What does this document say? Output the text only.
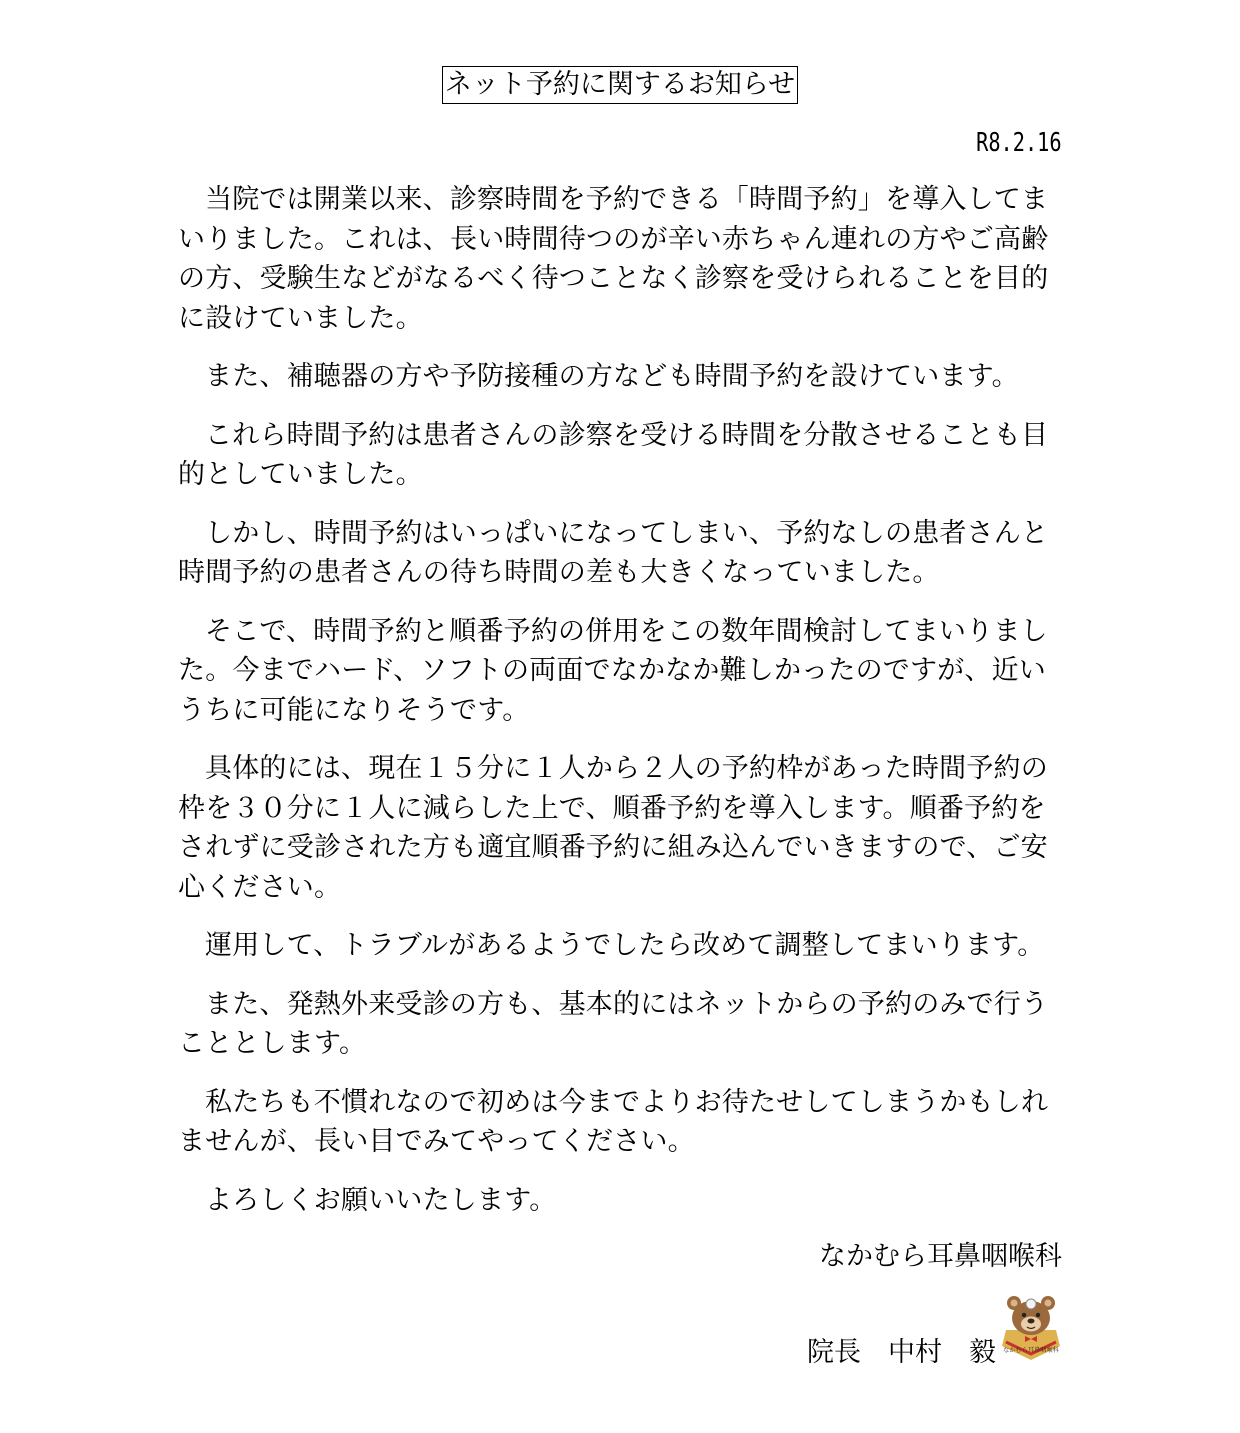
ネット予約に関するお知らせ
R8.2.16

当院では開業以来、診察時間を予約できる「時間予約」を導入してまいりました。これは、長い時間待つのが辛い赤ちゃん連れの方やご高齢の方、受験生などがなるべく待つことなく診察を受けられることを目的に設けていました。

また、補聴器の方や予防接種の方なども時間予約を設けています。

これら時間予約は患者さんの診察を受ける時間を分散させることも目的としていました。

しかし、時間予約はいっぱいになってしまい、予約なしの患者さんと時間予約の患者さんの待ち時間の差も大きくなっていました。

そこで、時間予約と順番予約の併用をこの数年間検討してまいりました。今までハード、ソフトの両面でなかなか難しかったのですが、近いうちに可能になりそうです。

具体的には、現在１５分に１人から２人の予約枠があった時間予約の枠を３０分に１人に減らした上で、順番予約を導入します。順番予約をされずに受診された方も適宜順番予約に組み込んでいきますので、ご安心ください。

運用して、トラブルがあるようでしたら改めて調整してまいります。

また、発熱外来受診の方も、基本的にはネットからの予約のみで行うこととします。

私たちも不慣れなので初めは今までよりお待たせしてしまうかもしれませんが、長い目でみてやってください。

よろしくお願いいたします。

なかむら耳鼻咽喉科
院長　中村　毅 なかむら耳鼻咽喉科
